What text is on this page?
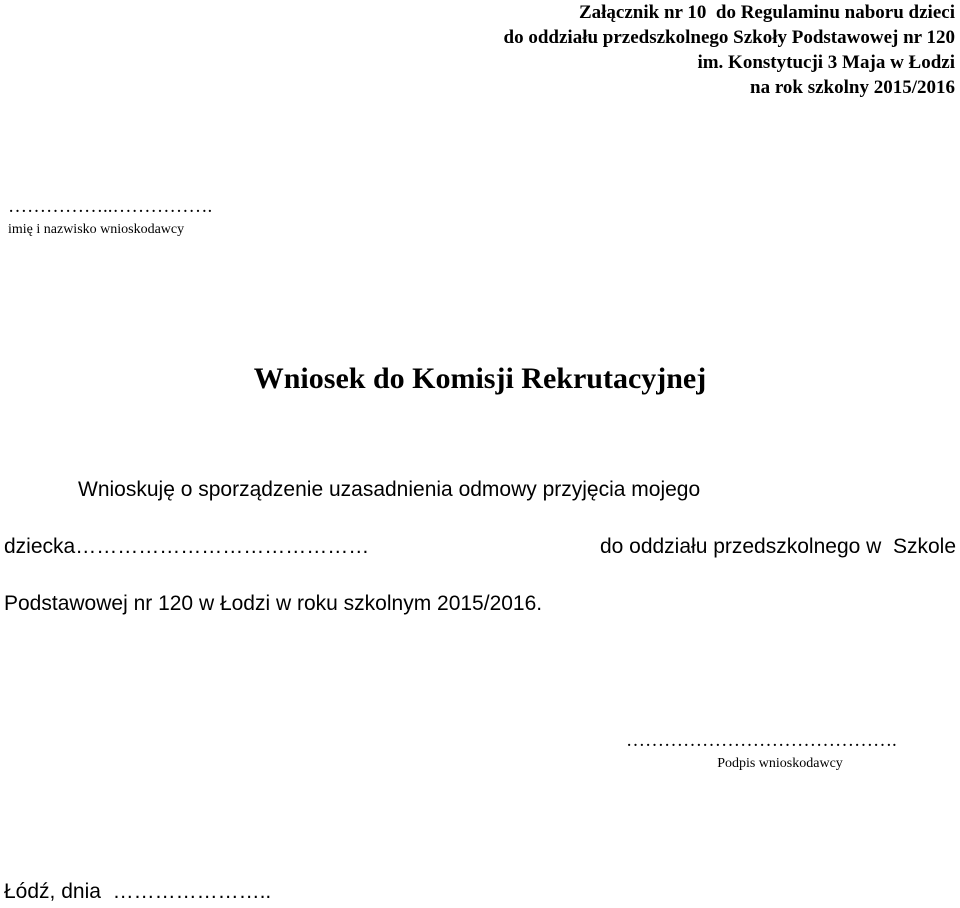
Załącznik nr 10  do Regulaminu naboru dzieci
do oddziału przedszkolnego Szkoły Podstawowej nr 120
im. Konstytucji 3 Maja w Łodzi
na rok szkolny 2015/2016
……………..…………….
imię i nazwisko wnioskodawcy
Wniosek do Komisji Rekrutacyjnej
Wnioskuję o sporządzenie uzasadnienia odmowy przyjęcia mojego
dziecka……………………………………	do oddziału przedszkolnego w  Szkole
Podstawowej nr 120 w Łodzi w roku szkolnym 2015/2016.
…………………………………….
Podpis wnioskodawcy
Łódź, dnia  …………………..
